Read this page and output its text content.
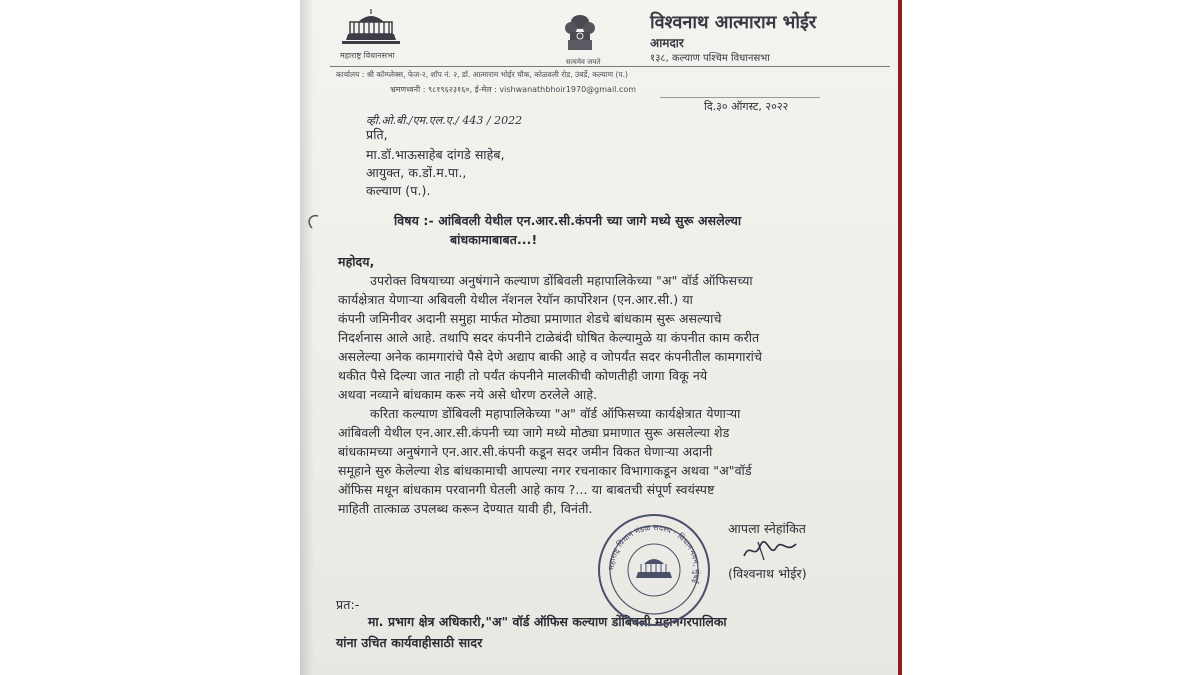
महाराष्ट्र विधानसभा
सत्यमेव जयते
विश्वनाथ आत्माराम भोईर
आमदार
१३८, कल्याण पश्चिम विधानसभा
कार्यालय : श्री कॉम्प्लेक्स, फेज-२, शॉप नं. २, डॉ. आत्माराम भोईर चौक, कोळवली रोड, उंबर्डे, कल्याण (प.)
भ्रमणध्वनी : ९८१९६२३१६०, ई-मेल : vishwanathbhoir1970@gmail.com
दि.३० ऑगस्ट, २०२२
व्ही.ओ.बी./एम.एल.ए./ 443 / 2022
प्रति,
मा.डॉ.भाऊसाहेब दांगडे साहेब,
आयुक्त, क.डों.म.पा.,
कल्याण (प.).
विषय :- आंबिवली येथील एन.आर.सी.कंपनी च्या जागे मध्ये सुरू असलेल्या
बांधकामाबाबत...!
महोदय,
उपरोक्त विषयाच्या अनुषंगाने कल्याण डोंबिवली महापालिकेच्या "अ" वॉर्ड ऑफिसच्या
कार्यक्षेत्रात येणाऱ्या अबिवली येथील नॅशनल रेयॉन कार्पोरेशन (एन.आर.सी.) या
कंपनी जमिनीवर अदानी समुहा मार्फत मोठ्या प्रमाणात शेडचे बांधकाम सुरू असल्याचे
निदर्शनास आले आहे. तथापि सदर कंपनीने टाळेबंदी घोषित केल्यामुळे या कंपनीत काम करीत
असलेल्या अनेक कामगारांचे पैसे देणे अद्याप बाकी आहे व जोपर्यंत सदर कंपनीतील कामगारांचे
थकीत पैसे दिल्या जात नाही तो पर्यंत कंपनीने मालकीची कोणतीही जागा विकू नये
अथवा नव्याने बांधकाम करू नये असे धोरण ठरलेले आहे.
करिता कल्याण डोंबिवली महापालिकेच्या "अ" वॉर्ड ऑफिसच्या कार्यक्षेत्रात येणाऱ्या
आंबिवली येथील एन.आर.सी.कंपनी च्या जागे मध्ये मोठ्या प्रमाणात सुरू असलेल्या शेड
बांधकामच्या अनुषंगाने एन.आर.सी.कंपनी कडून सदर जमीन विकत घेणाऱ्या अदानी
समूहाने सुरु केलेल्या शेड बांधकामाची आपल्या नगर रचनाकार विभागाकडून अथवा "अ"वॉर्ड
ऑफिस मधून बांधकाम परवानगी घेतली आहे काय ?... या बाबतची संपूर्ण स्वयंस्पष्ट
माहिती तात्काळ उपलब्ध करून देण्यात यावी ही, विनंती.
आपला स्नेहांकित
(विश्वनाथ भोईर)
प्रत:-
मा. प्रभाग क्षेत्र अधिकारी,"अ" वॉर्ड ऑफिस कल्याण डोंबिवली महानगरपालिका
यांना उचित कार्यवाहीसाठी सादर
महाराष्ट्र विधान मंडळ सदस्य · विधानभवन, मुंबई
